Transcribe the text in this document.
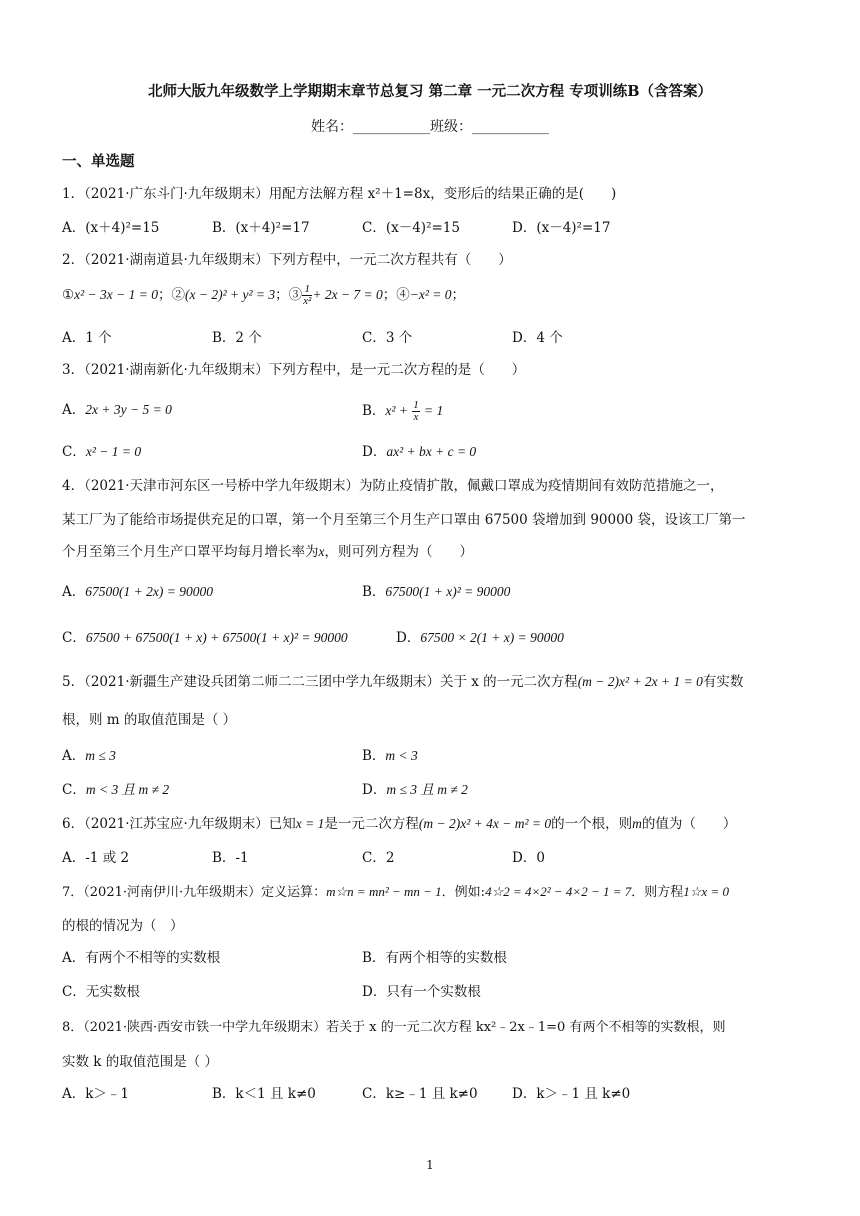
北师大版九年级数学上学期期末章节总复习 第二章 一元二次方程 专项训练B（含答案）
姓名：___________班级：___________
一、单选题
1．（2021·广东斗门·九年级期末）用配方法解方程 x²＋1=8x，变形后的结果正确的是(　　)
A．(x＋4)²=15	B．(x＋4)²=17	C．(x－4)²=15	D．(x－4)²=17
2．（2021·湖南道县·九年级期末）下列方程中，一元二次方程共有（　　）
①x² − 3x − 1 = 0；②(x − 2)² + y² = 3；③ $\frac{1}{\text{x²}} + 2x - 7 = 0$；④−x² = 0；
A．1 个	B．2 个	C．3 个	D．4 个
3．（2021·湖南新化·九年级期末）下列方程中，是一元二次方程的是（　　）
A．2x + 3y − 5 = 0	B．$x^2 + \frac{1}{x} = 1$
C．x² − 1 = 0	D．ax² + bx + c = 0
4．（2021·天津市河东区一号桥中学九年级期末）为防止疫情扩散，佩戴口罩成为疫情期间有效防范措施之一，
某工厂为了能给市场提供充足的口罩，第一个月至第三个月生产口罩由 67500 袋增加到 90000 袋，设该工厂第一
个月至第三个月生产口罩平均每月增长率为x，则可列方程为（　　）
A．67500(1 + 2x) = 90000	B．67500(1 + x)² = 90000
C．67500 + 67500(1 + x) + 67500(1 + x)² = 90000	D．67500 × 2(1 + x) = 90000
5．（2021·新疆生产建设兵团第二师二二三团中学九年级期末）关于 x 的一元二次方程(m − 2)x² + 2x + 1 = 0有实数
根，则 m 的取值范围是（ ）
A．m ≤ 3	B．m < 3
C．m < 3 且 m ≠ 2	D．m ≤ 3 且 m ≠ 2
6．（2021·江苏宝应·九年级期末）已知x = 1是一元二次方程(m − 2)x² + 4x − m² = 0的一个根，则m的值为（　　）
A．-1 或 2	B．-1	C．2	D．0
7．（2021·河南伊川·九年级期末）定义运算：m☆n = mn² − mn − 1．例如:4☆2 = 4×2² − 4×2 − 1 = 7．则方程1☆x = 0
的根的情况为（　）
A．有两个不相等的实数根	B．有两个相等的实数根
C．无实数根	D．只有一个实数根
8．（2021·陕西·西安市铁一中学九年级期末）若关于 x 的一元二次方程 kx²﹣2x﹣1=0 有两个不相等的实数根，则
实数 k 的取值范围是（ ）
A．k＞﹣1	B．k＜1 且 k≠0	C．k≥﹣1 且 k≠0	D．k＞﹣1 且 k≠0
1
